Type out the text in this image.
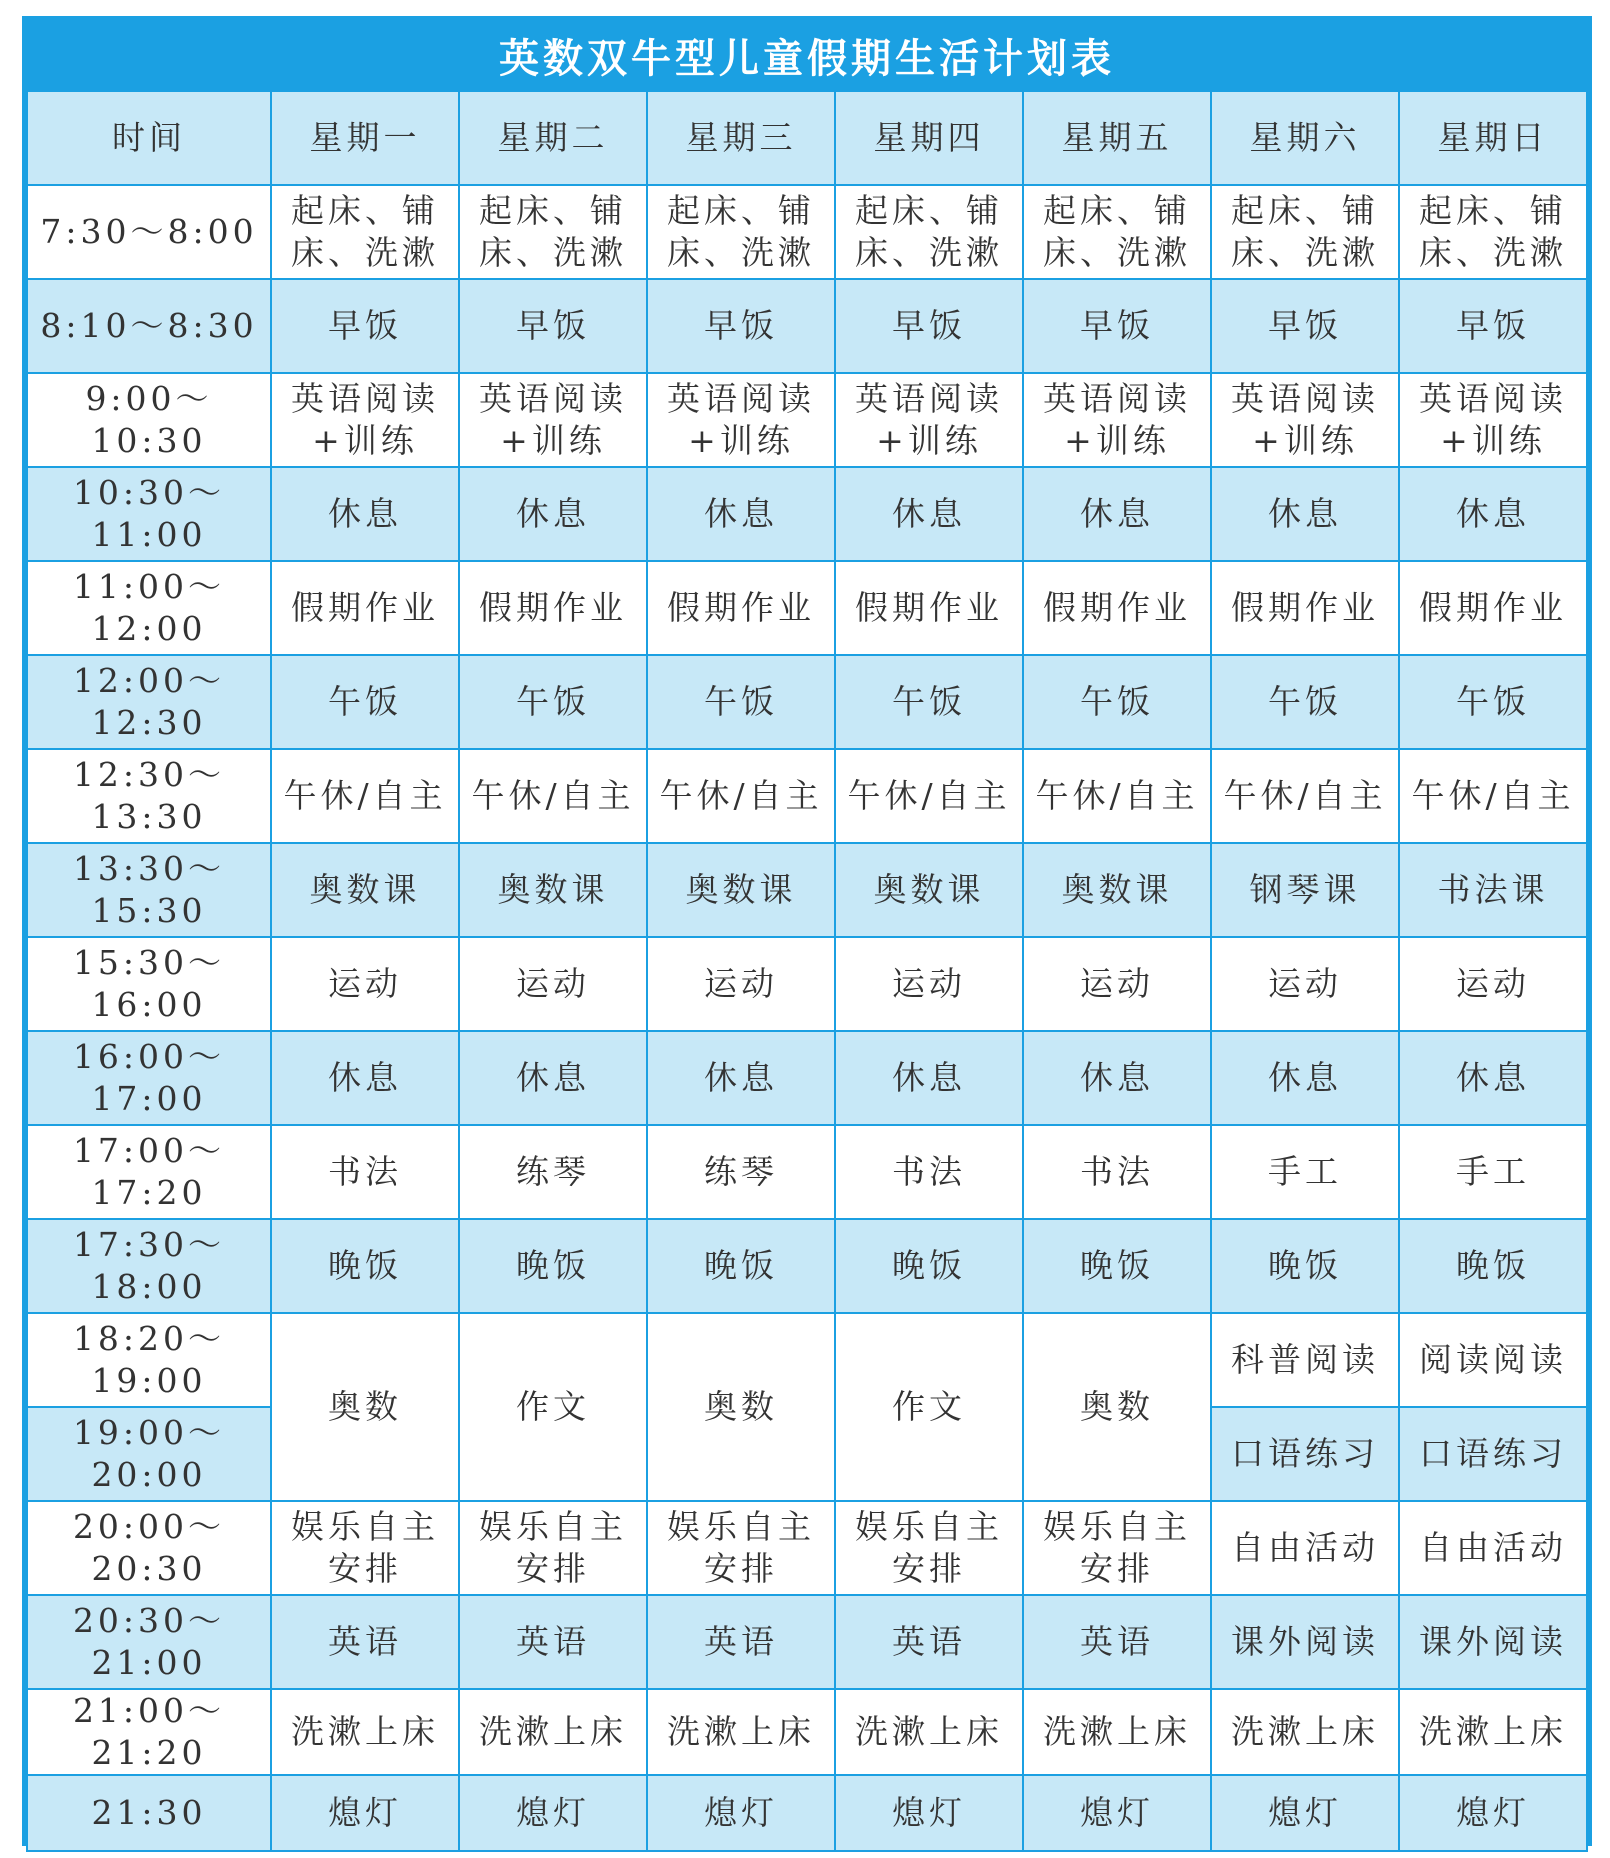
英数双牛型儿童假期生活计划表
时间	星期一	星期二	星期三	星期四	星期五	星期六	星期日
7:30～8:00	起床、铺床、洗漱	起床、铺床、洗漱	起床、铺床、洗漱	起床、铺床、洗漱	起床、铺床、洗漱	起床、铺床、洗漱	起床、铺床、洗漱
8:10～8:30	早饭	早饭	早饭	早饭	早饭	早饭	早饭
9:00～10:30	英语阅读+训练	英语阅读+训练	英语阅读+训练	英语阅读+训练	英语阅读+训练	英语阅读+训练	英语阅读+训练
10:30～11:00	休息	休息	休息	休息	休息	休息	休息
11:00～12:00	假期作业	假期作业	假期作业	假期作业	假期作业	假期作业	假期作业
12:00～12:30	午饭	午饭	午饭	午饭	午饭	午饭	午饭
12:30～13:30	午休/自主	午休/自主	午休/自主	午休/自主	午休/自主	午休/自主	午休/自主
13:30～15:30	奥数课	奥数课	奥数课	奥数课	奥数课	钢琴课	书法课
15:30～16:00	运动	运动	运动	运动	运动	运动	运动
16:00～17:00	休息	休息	休息	休息	休息	休息	休息
17:00～17:20	书法	练琴	练琴	书法	书法	手工	手工
17:30～18:00	晚饭	晚饭	晚饭	晚饭	晚饭	晚饭	晚饭
18:20～19:00	奥数	作文	奥数	作文	奥数	科普阅读	阅读阅读
19:00～20:00						口语练习	口语练习
20:00～20:30	娱乐自主安排	娱乐自主安排	娱乐自主安排	娱乐自主安排	娱乐自主安排	自由活动	自由活动
20:30～21:00	英语	英语	英语	英语	英语	课外阅读	课外阅读
21:00～21:20	洗漱上床	洗漱上床	洗漱上床	洗漱上床	洗漱上床	洗漱上床	洗漱上床
21:30	熄灯	熄灯	熄灯	熄灯	熄灯	熄灯	熄灯
